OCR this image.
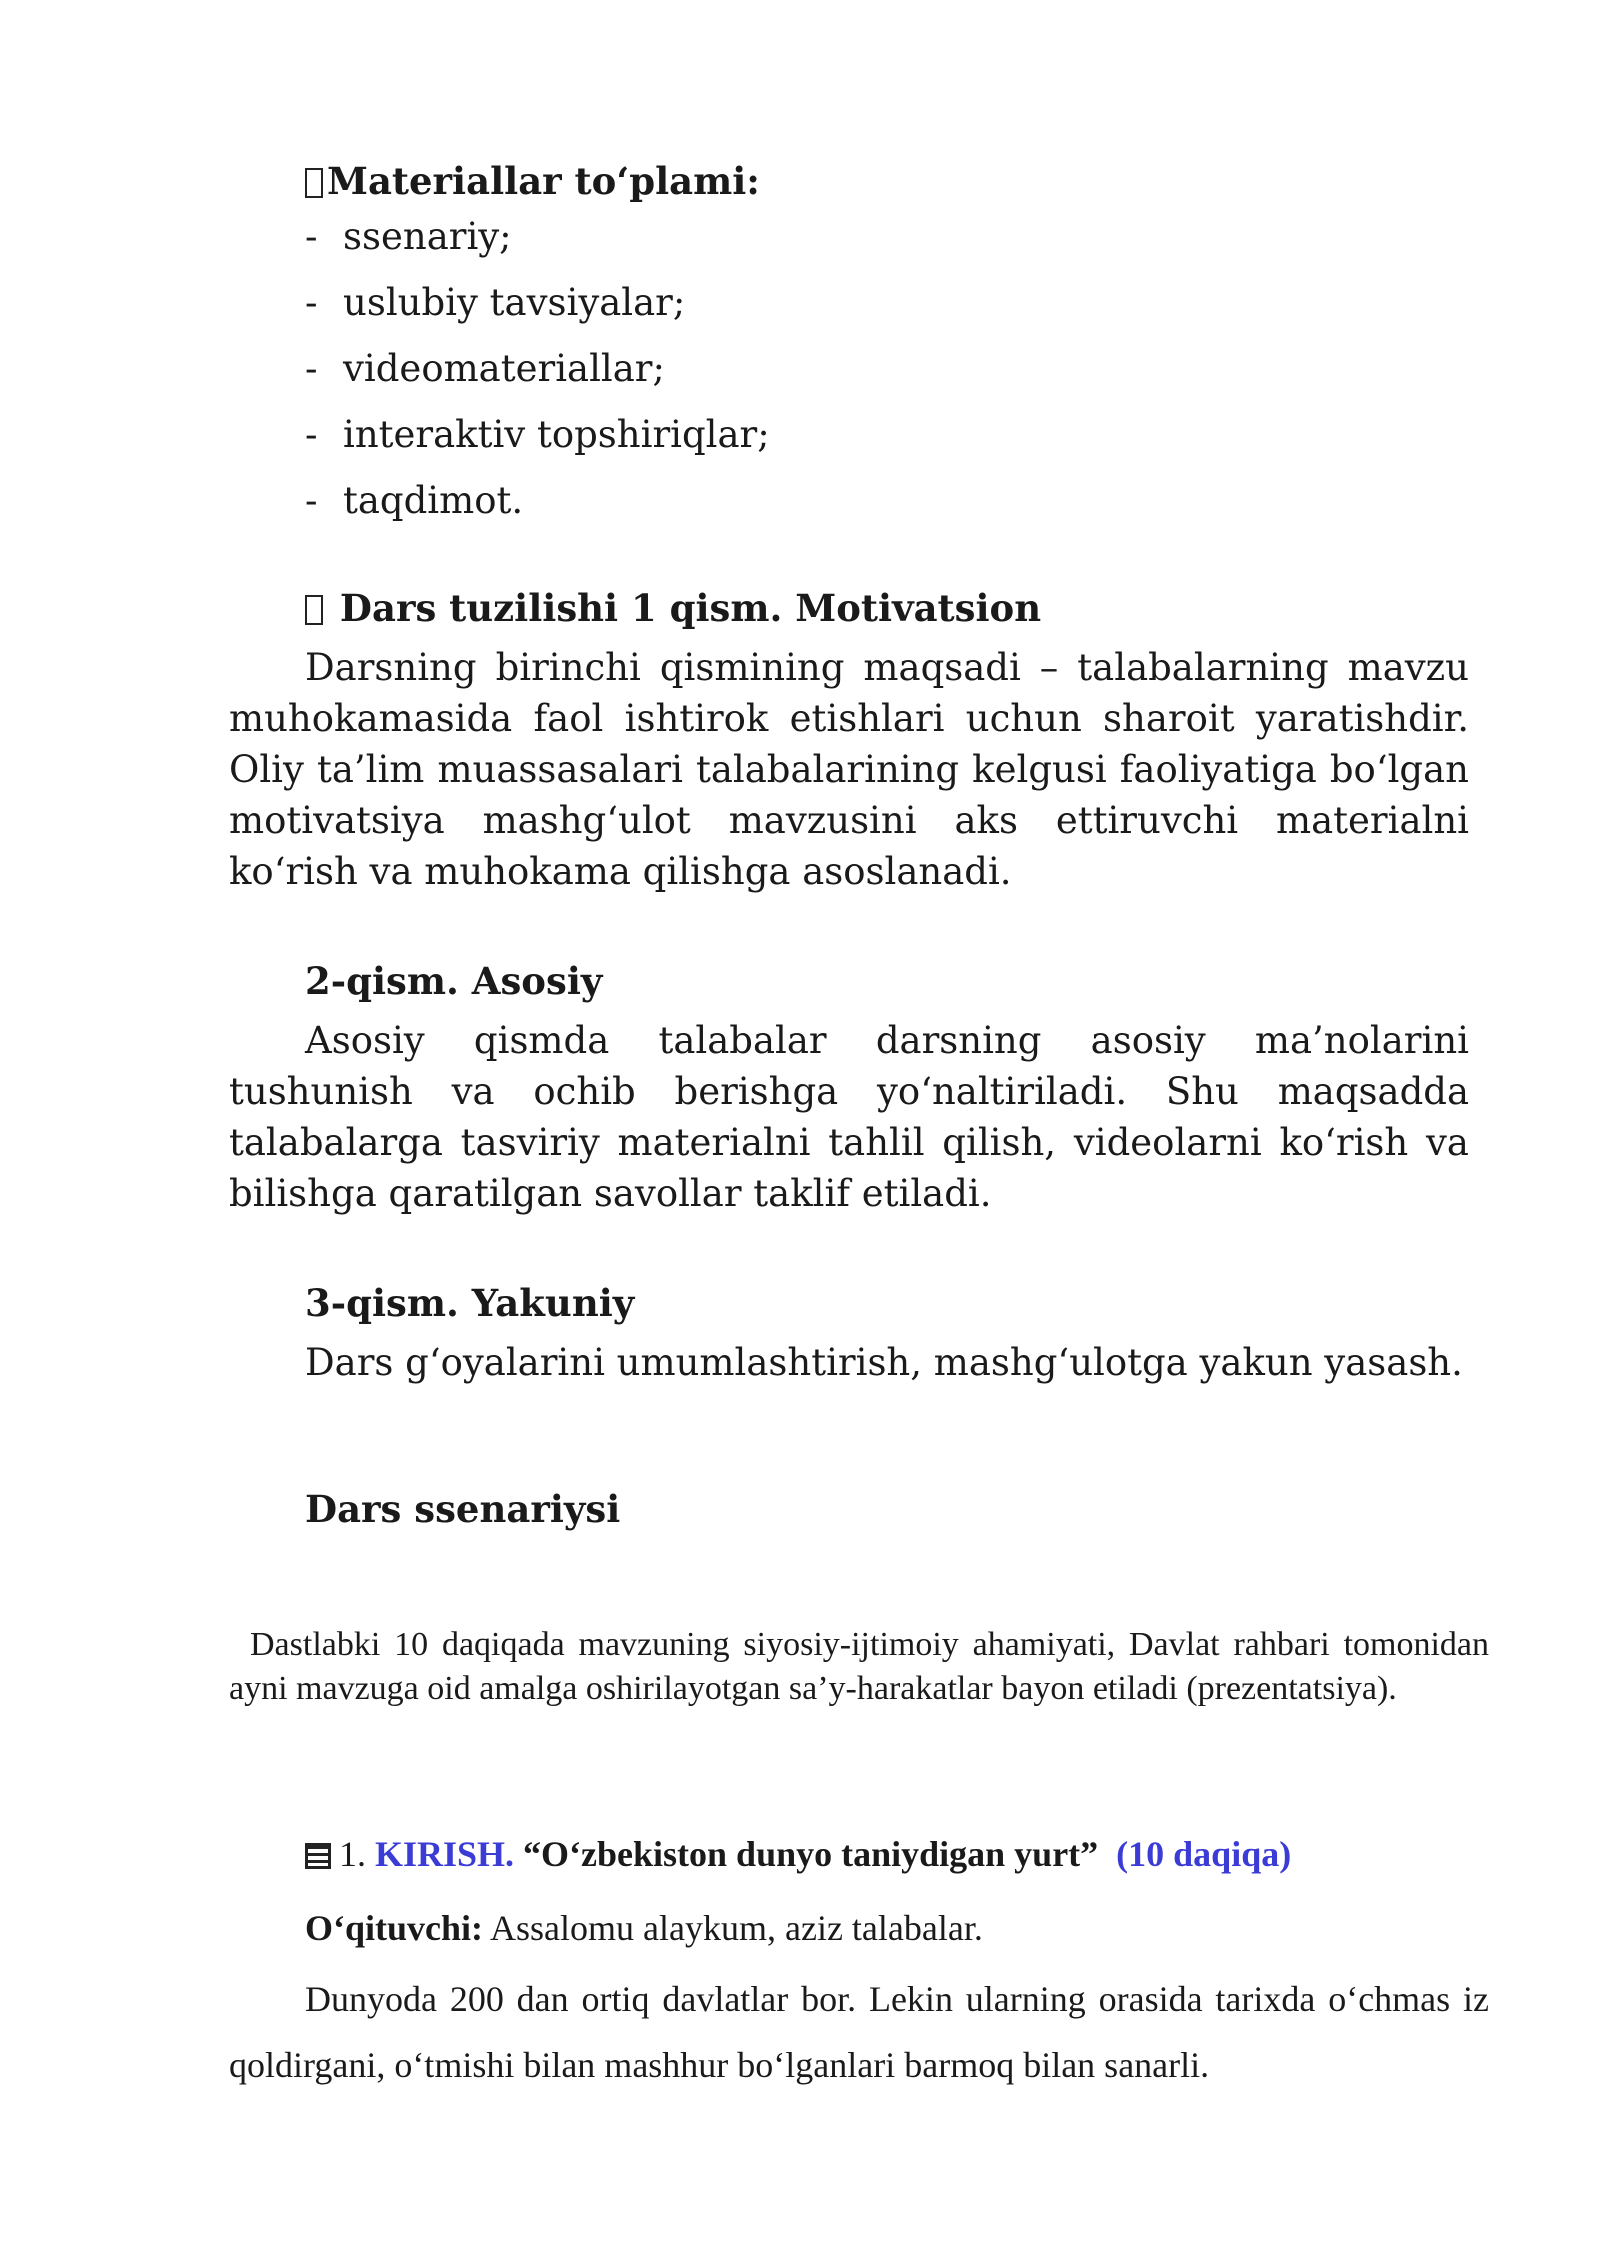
Materiallar to‘plami:
- ssenariy;
- uslubiy tavsiyalar;
- videomateriallar;
- interaktiv topshiriqlar;
- taqdimot.
Dars tuzilishi 1 qism. Motivatsion

Darsning birinchi qismining maqsadi – talabalarning mavzu muhokamasida faol ishtirok etishlari uchun sharoit yaratishdir. Oliy ta’lim muassasalari talabalarining kelgusi faoliyatiga bo‘lgan motivatsiya mashg‘ulot mavzusini aks ettiruvchi materialni ko‘rish va muhokama qilishga asoslanadi.

2-qism. Asosiy

Asosiy qismda talabalar darsning asosiy ma’nolarini tushunish va ochib berishga yo‘naltiriladi. Shu maqsadda talabalarga tasviriy materialni tahlil qilish, videolarni ko‘rish va bilishga qaratilgan savollar taklif etiladi.

3-qism. Yakuniy

Dars g‘oyalarini umumlashtirish, mashg‘ulotga yakun yasash.

Dars ssenariysi

Dastlabki 10 daqiqada mavzuning siyosiy-ijtimoiy ahamiyati, Davlat rahbari tomonidan ayni mavzuga oid amalga oshirilayotgan sa’y-harakatlar bayon etiladi (prezentatsiya).

1. KIRISH. “O‘zbekiston dunyo taniydigan yurt” (10 daqiqa)
O‘qituvchi: Assalomu alaykum, aziz talabalar.

Dunyoda 200 dan ortiq davlatlar bor. Lekin ularning orasida tarixda o‘chmas iz qoldirgani, o‘tmishi bilan mashhur bo‘lganlari barmoq bilan sanarli.
